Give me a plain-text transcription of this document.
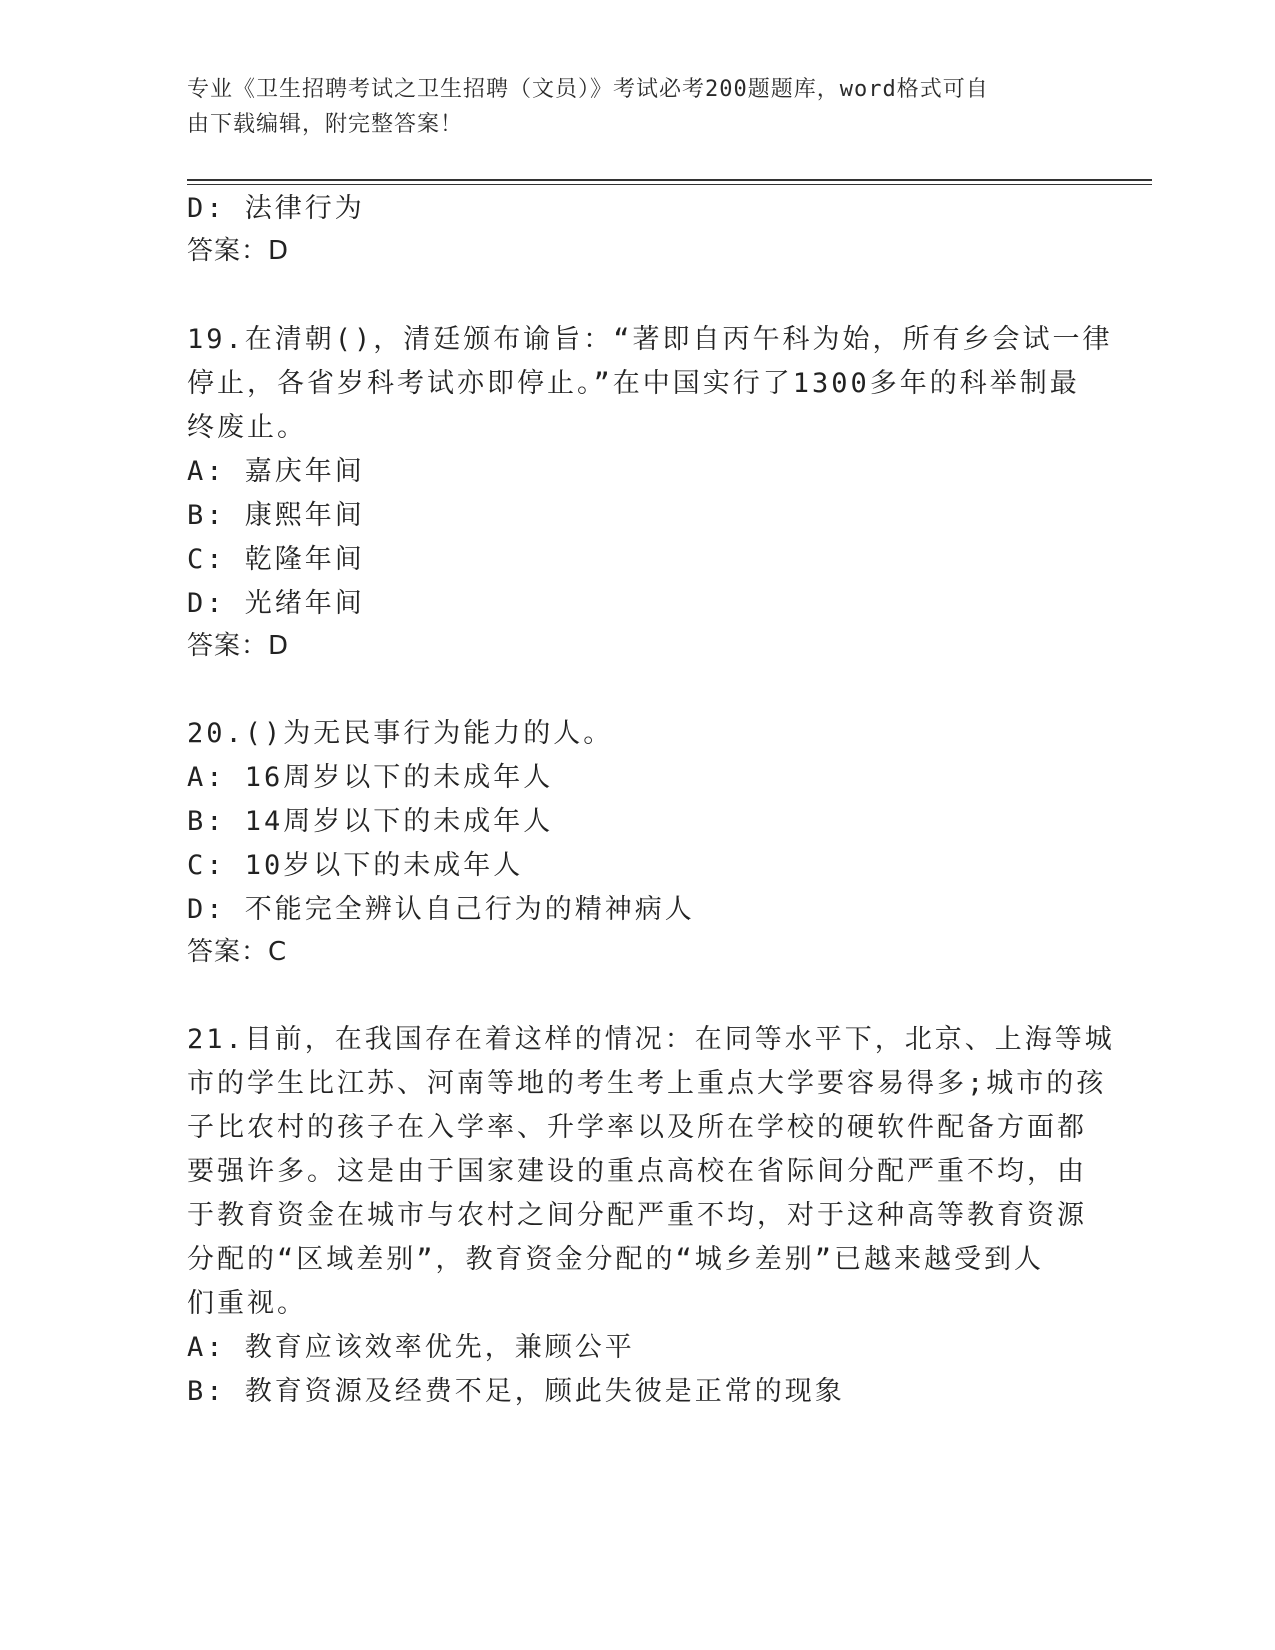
专业《卫生招聘考试之卫生招聘（文员）》考试必考200题题库，word格式可自
由下载编辑，附完整答案！
D: 法律行为
答案：D
19.在清朝()，清廷颁布谕旨：“著即自丙午科为始，所有乡会试一律
停止，各省岁科考试亦即停止。”在中国实行了1300多年的科举制最
终废止。
A: 嘉庆年间
B: 康熙年间
C: 乾隆年间
D: 光绪年间
答案：D
20.()为无民事行为能力的人。
A: 16周岁以下的未成年人
B: 14周岁以下的未成年人
C: 10岁以下的未成年人
D: 不能完全辨认自己行为的精神病人
答案：C
21.目前，在我国存在着这样的情况：在同等水平下，北京、上海等城
市的学生比江苏、河南等地的考生考上重点大学要容易得多;城市的孩
子比农村的孩子在入学率、升学率以及所在学校的硬软件配备方面都
要强许多。这是由于国家建设的重点高校在省际间分配严重不均，由
于教育资金在城市与农村之间分配严重不均，对于这种高等教育资源
分配的“区域差别”，教育资金分配的“城乡差别”已越来越受到人
们重视。
A: 教育应该效率优先，兼顾公平
B: 教育资源及经费不足，顾此失彼是正常的现象
